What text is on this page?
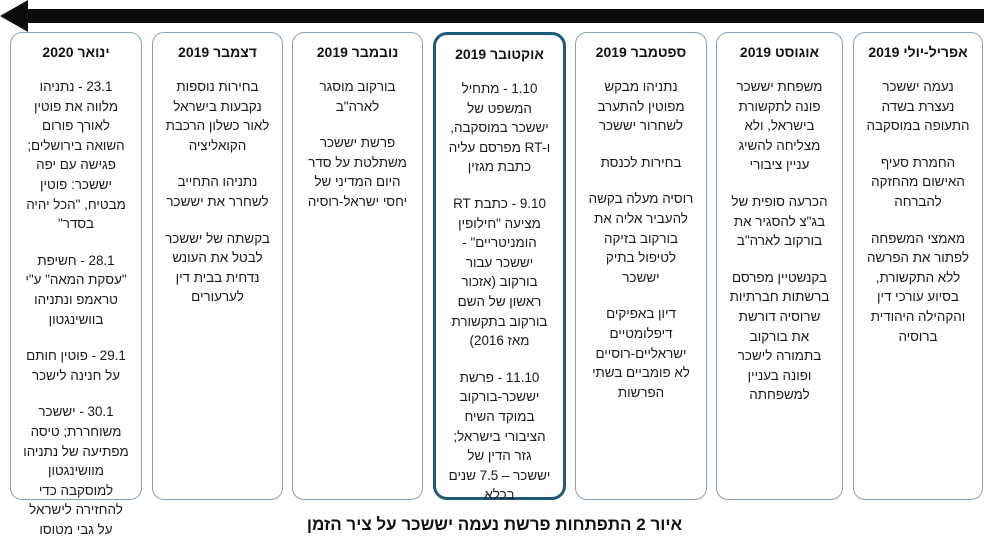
אפריל-יולי 2019
נעמה יששכר נעצרת בשדה התעופה במוסקבה
החמרת סעיף האישום מהחזקה להברחה
מאמצי המשפחה לפתור את הפרשה ללא התקשורת, בסיוע עורכי דין והקהילה היהודית ברוסיה
אוגוסט 2019
משפחת יששכר פונה לתקשורת בישראל, ולא מצליחה להשיג עניין ציבורי
הכרעה סופית של בג"צ להסגיר את בורקוב לארה"ב
בקנשטיין מפרסם ברשתות חברתיות שרוסיה דורשת את בורקוב בתמורה לישכר ופונה בעניין למשפחתה
ספטמבר 2019
נתניהו מבקש מפוטין להתערב לשחרור יששכר
בחירות לכנסת
רוסיה מעלה בקשה להעביר אליה את בורקוב בזיקה לטיפול בתיק יששכר
דיון באפיקים דיפלומטיים ישראליים-רוסיים לא פומביים בשתי הפרשות
אוקטובר 2019
1.10 - מתחיל המשפט של יששכר במוסקבה, ו-RT מפרסם עליה כתבת מגזין
9.10 - כתבת RT מציעה "חילופין הומניטריים" - יששכר עבור בורקוב (אזכור ראשון של השם בורקוב בתקשורת מאז 2016)
11.10 - פרשת יששכר-בורקוב במוקד השיח הציבורי בישראל; גזר הדין של יששכר – 7.5 שנים בכלא
נובמבר 2019
בורקוב מוסגר לארה"ב
פרשת יששכר משתלטת על סדר היום המדיני של יחסי ישראל-רוסיה
דצמבר 2019
בחירות נוספות נקבעות בישראל לאור כשלון הרכבת הקואליציה
נתניהו התחייב לשחרר את יששכר
בקשתה של יששכר לבטל את העונש נדחית בבית דין לערעורים
ינואר 2020
23.1 - נתניהו מלווה את פוטין לאורך פורום השואה בירושלים; פגישה עם יפה יששכר: פוטין מבטיח, "הכל יהיה בסדר"
28.1 - חשיפת "עסקת המאה" ע"י טראמפ ונתניהו בוושינגטון
29.1 - פוטין חותם על חנינה לישכר
30.1 - יששכר משוחררת; טיסה מפתיעה של נתניהו מוושינגטון למוסקבה כדי להחזירה לישראל על גבי מטוסו	איור 2 התפתחות פרשת נעמה יששכר על ציר הזמן
